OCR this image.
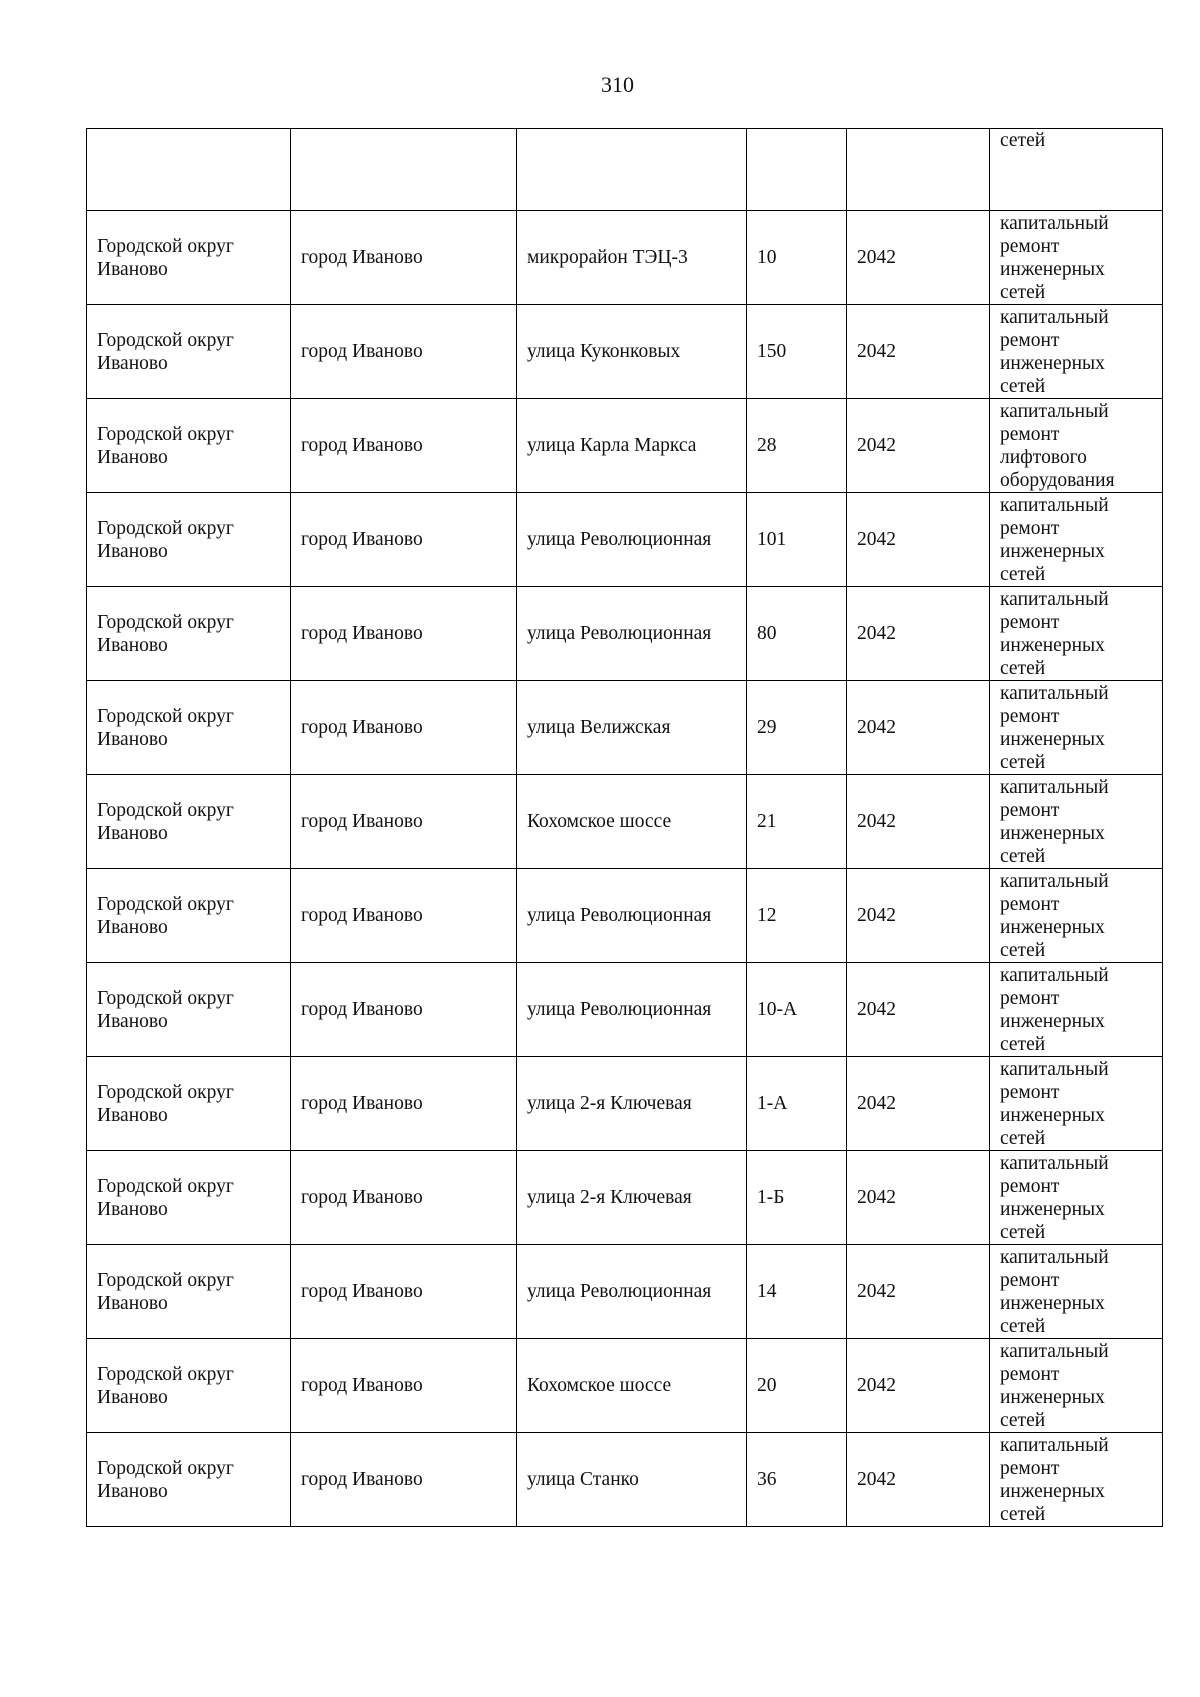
310
					сетей
Городской округ
Иваново	город Иваново	микрорайон ТЭЦ-3	10	2042	капитальный
ремонт
инженерных
сетей
Городской округ
Иваново	город Иваново	улица Куконковых	150	2042	капитальный
ремонт
инженерных
сетей
Городской округ
Иваново	город Иваново	улица Карла Маркса	28	2042	капитальный
ремонт
лифтового
оборудования
Городской округ
Иваново	город Иваново	улица Революционная	101	2042	капитальный
ремонт
инженерных
сетей
Городской округ
Иваново	город Иваново	улица Революционная	80	2042	капитальный
ремонт
инженерных
сетей
Городской округ
Иваново	город Иваново	улица Велижская	29	2042	капитальный
ремонт
инженерных
сетей
Городской округ
Иваново	город Иваново	Кохомское шоссе	21	2042	капитальный
ремонт
инженерных
сетей
Городской округ
Иваново	город Иваново	улица Революционная	12	2042	капитальный
ремонт
инженерных
сетей
Городской округ
Иваново	город Иваново	улица Революционная	10-А	2042	капитальный
ремонт
инженерных
сетей
Городской округ
Иваново	город Иваново	улица 2-я Ключевая	1-А	2042	капитальный
ремонт
инженерных
сетей
Городской округ
Иваново	город Иваново	улица 2-я Ключевая	1-Б	2042	капитальный
ремонт
инженерных
сетей
Городской округ
Иваново	город Иваново	улица Революционная	14	2042	капитальный
ремонт
инженерных
сетей
Городской округ
Иваново	город Иваново	Кохомское шоссе	20	2042	капитальный
ремонт
инженерных
сетей
Городской округ
Иваново	город Иваново	улица Станко	36	2042	капитальный
ремонт
инженерных
сетей
